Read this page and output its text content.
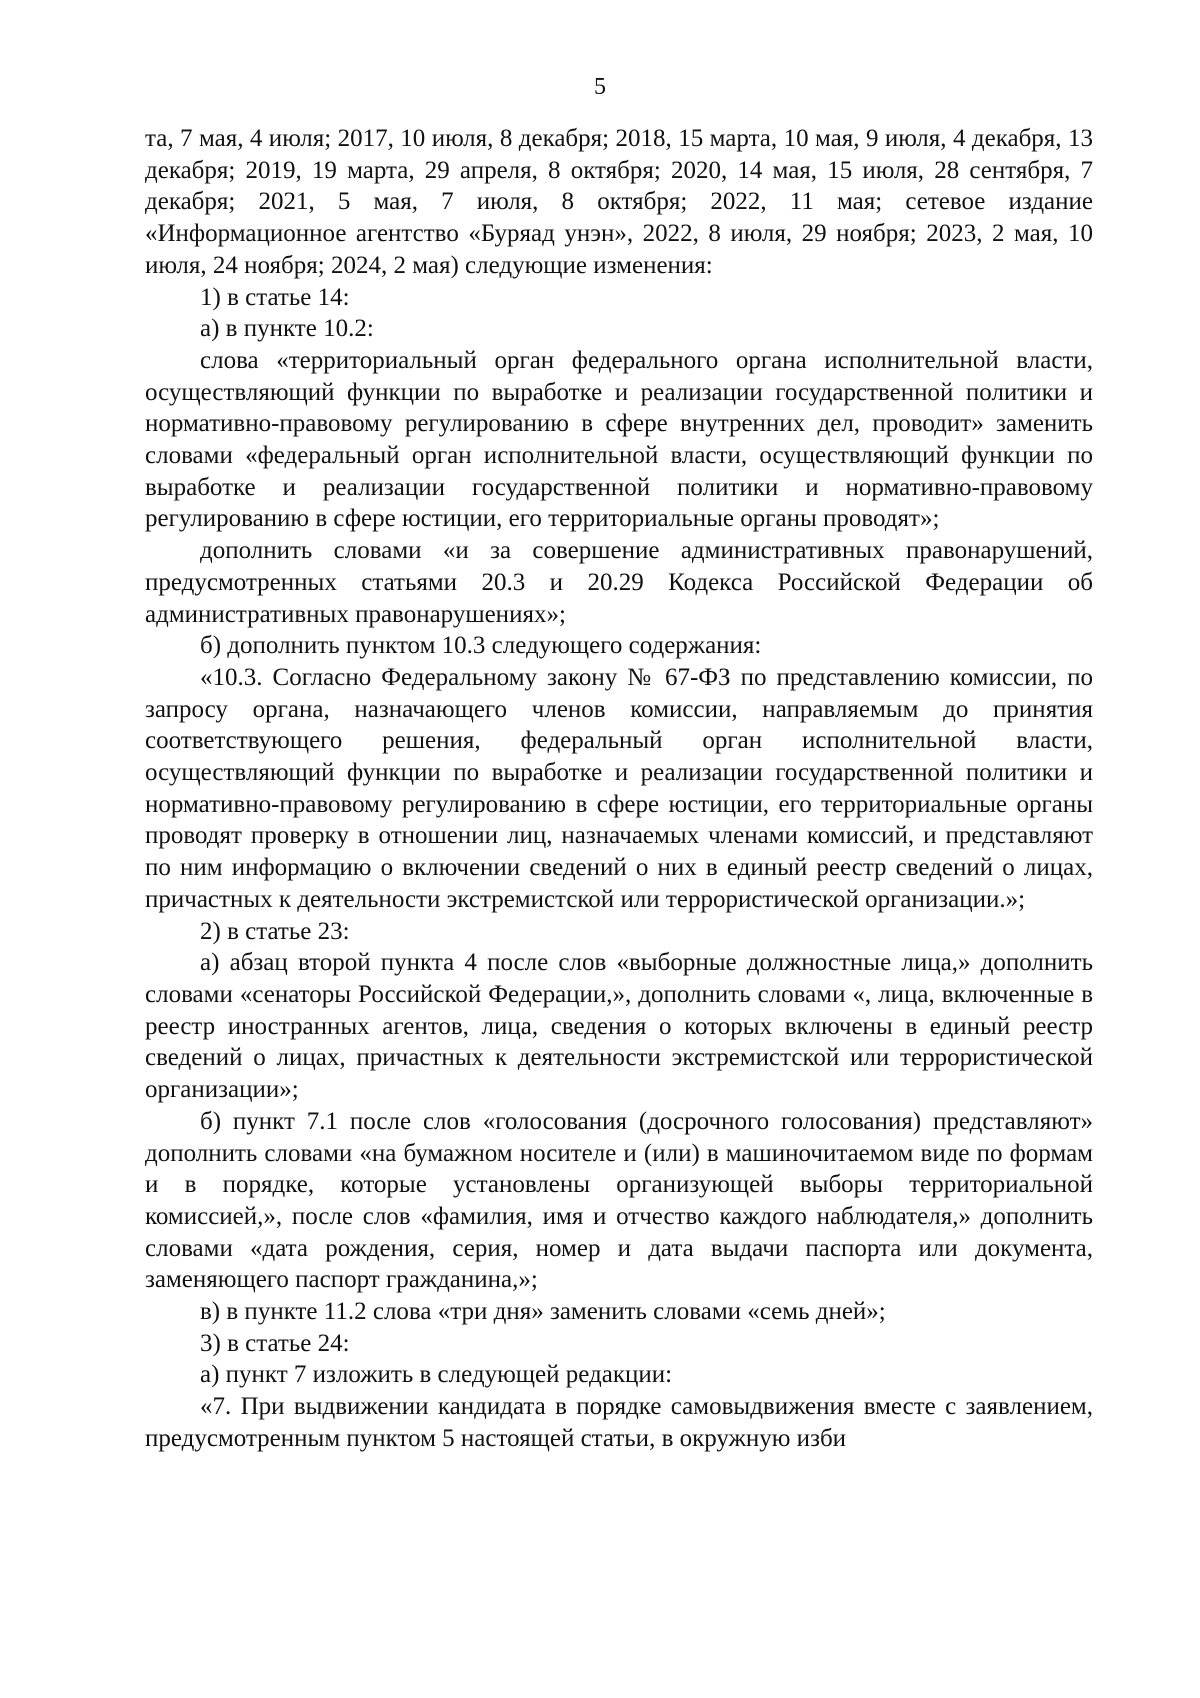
5

та, 7 мая, 4 июля; 2017, 10 июля, 8 декабря; 2018, 15 марта, 10 мая, 9 июля, 4 декабря, 13 декабря; 2019, 19 марта, 29 апреля, 8 октября; 2020, 14 мая, 15 июля, 28 сентября, 7 декабря; 2021, 5 мая, 7 июля, 8 октября; 2022, 11 мая; сетевое издание «Информационное агентство «Буряад унэн», 2022, 8 июля, 29 ноября; 2023, 2 мая, 10 июля, 24 ноября; 2024, 2 мая) следующие изменения:

1) в статье 14:

а) в пункте 10.2:

слова «территориальный орган федерального органа исполнительной власти, осуществляющий функции по выработке и реализации государственной политики и нормативно-правовому регулированию в сфере внутренних дел, проводит» заменить словами «федеральный орган исполнительной власти, осуществляющий функции по выработке и реализации государственной политики и нормативно-правовому регулированию в сфере юстиции, его территориальные органы проводят»;

дополнить словами «и за совершение административных правонарушений, предусмотренных статьями 20.3 и 20.29 Кодекса Российской Федерации об административных правонарушениях»;

б) дополнить пунктом 10.3 следующего содержания:

«10.3. Согласно Федеральному закону № 67-ФЗ по представлению комиссии, по запросу органа, назначающего членов комиссии, направляемым до принятия соответствующего решения, федеральный орган исполнительной власти, осуществляющий функции по выработке и реализации государственной политики и нормативно-правовому регулированию в сфере юстиции, его территориальные органы проводят проверку в отношении лиц, назначаемых членами комиссий, и представляют по ним информацию о включении сведений о них в единый реестр сведений о лицах, причастных к деятельности экстремистской или террористической организации.»;

2) в статье 23:

а) абзац второй пункта 4 после слов «выборные должностные лица,» дополнить словами «сенаторы Российской Федерации,», дополнить словами «, лица, включенные в реестр иностранных агентов, лица, сведения о которых включены в единый реестр сведений о лицах, причастных к деятельности экстремистской или террористической организации»;

б) пункт 7.1 после слов «голосования (досрочного голосования) представляют» дополнить словами «на бумажном носителе и (или) в машиночитаемом виде по формам и в порядке, которые установлены организующей выборы территориальной комиссией,», после слов «фамилия, имя и отчество каждого наблюдателя,» дополнить словами «дата рождения, серия, номер и дата выдачи паспорта или документа, заменяющего паспорт гражданина,»;

в) в пункте 11.2 слова «три дня» заменить словами «семь дней»;

3) в статье 24:

а) пункт 7 изложить в следующей редакции:

«7. При выдвижении кандидата в порядке самовыдвижения вместе с заявлением, предусмотренным пунктом 5 настоящей статьи, в окружную изби
